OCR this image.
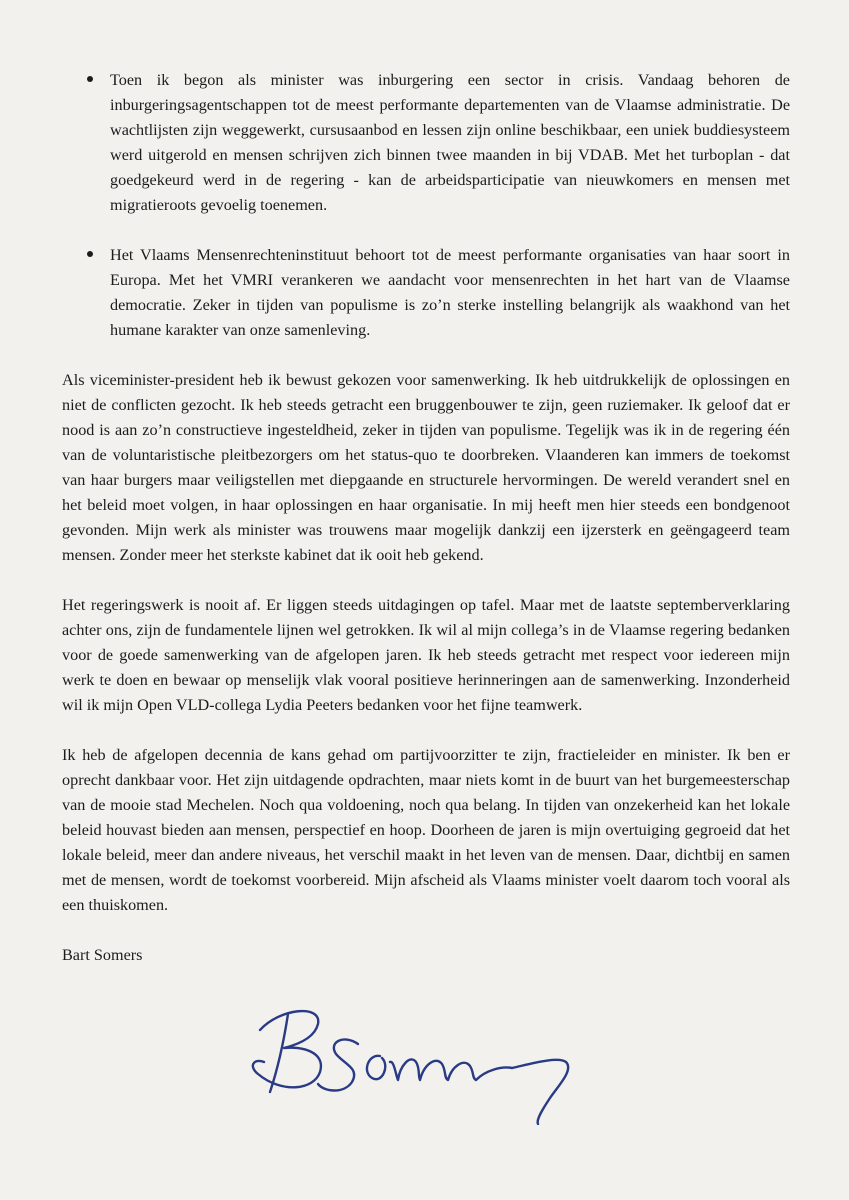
Toen ik begon als minister was inburgering een sector in crisis. Vandaag behoren de inburgeringsagentschappen tot de meest performante departementen van de Vlaamse administratie. De wachtlijsten zijn weggewerkt, cursusaanbod en lessen zijn online beschikbaar, een uniek buddiesysteem werd uitgerold en mensen schrijven zich binnen twee maanden in bij VDAB. Met het turboplan - dat goedgekeurd werd in de regering - kan de arbeidsparticipatie van nieuwkomers en mensen met migratieroots gevoelig toenemen.
Het Vlaams Mensenrechteninstituut behoort tot de meest performante organisaties van haar soort in Europa. Met het VMRI verankeren we aandacht voor mensenrechten in het hart van de Vlaamse democratie. Zeker in tijden van populisme is zo’n sterke instelling belangrijk als waakhond van het humane karakter van onze samenleving.

Als viceminister-president heb ik bewust gekozen voor samenwerking. Ik heb uitdrukkelijk de oplossingen en niet de conflicten gezocht. Ik heb steeds getracht een bruggenbouwer te zijn, geen ruziemaker. Ik geloof dat er nood is aan zo’n constructieve ingesteldheid, zeker in tijden van populisme. Tegelijk was ik in de regering één van de voluntaristische pleitbezorgers om het status-quo te doorbreken. Vlaanderen kan immers de toekomst van haar burgers maar veiligstellen met diepgaande en structurele hervormingen. De wereld verandert snel en het beleid moet volgen, in haar oplossingen en haar organisatie. In mij heeft men hier steeds een bondgenoot gevonden. Mijn werk als minister was trouwens maar mogelijk dankzij een ijzersterk en geëngageerd team mensen. Zonder meer het sterkste kabinet dat ik ooit heb gekend.

Het regeringswerk is nooit af. Er liggen steeds uitdagingen op tafel. Maar met de laatste septemberverklaring achter ons, zijn de fundamentele lijnen wel getrokken. Ik wil al mijn collega’s in de Vlaamse regering bedanken voor de goede samenwerking van de afgelopen jaren. Ik heb steeds getracht met respect voor iedereen mijn werk te doen en bewaar op menselijk vlak vooral positieve herinneringen aan de samenwerking. Inzonderheid wil ik mijn Open VLD-collega Lydia Peeters bedanken voor het fijne teamwerk.

Ik heb de afgelopen decennia de kans gehad om partijvoorzitter te zijn, fractieleider en minister. Ik ben er oprecht dankbaar voor. Het zijn uitdagende opdrachten, maar niets komt in de buurt van het burgemeesterschap van de mooie stad Mechelen. Noch qua voldoening, noch qua belang. In tijden van onzekerheid kan het lokale beleid houvast bieden aan mensen, perspectief en hoop. Doorheen de jaren is mijn overtuiging gegroeid dat het lokale beleid, meer dan andere niveaus, het verschil maakt in het leven van de mensen. Daar, dichtbij en samen met de mensen, wordt de toekomst voorbereid. Mijn afscheid als Vlaams minister voelt daarom toch vooral als een thuiskomen.

Bart Somers
